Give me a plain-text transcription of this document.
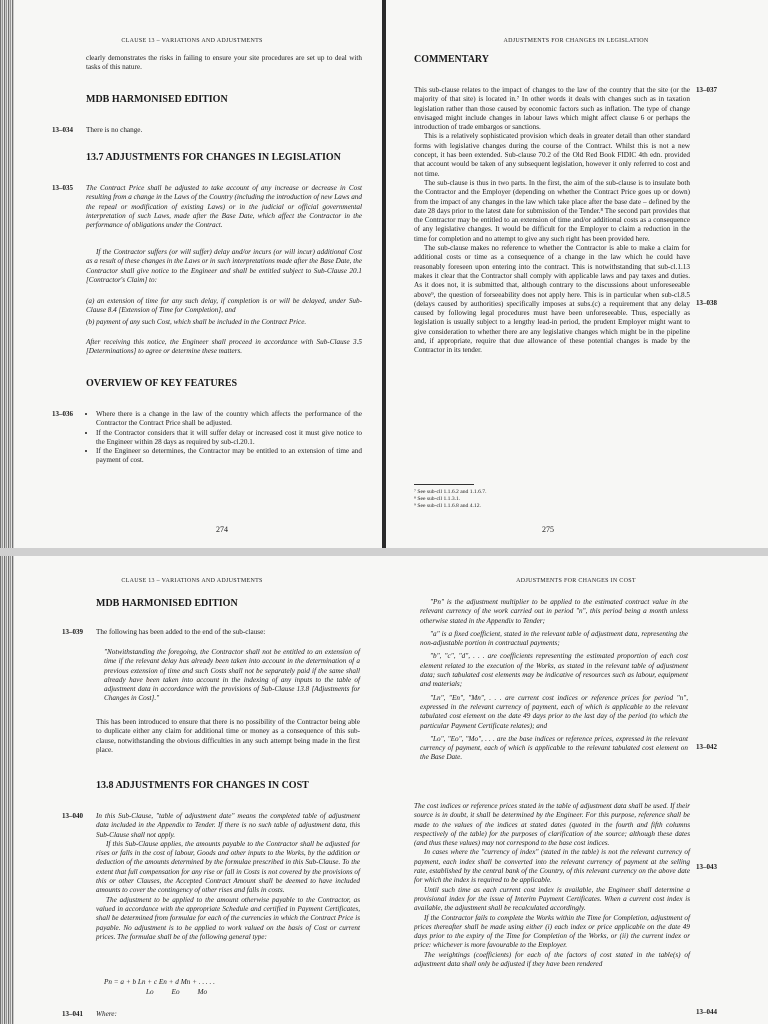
CLAUSE 13 – VARIATIONS AND ADJUSTMENTS
clearly demonstrates the risks in failing to ensure your site procedures are set up to deal with tasks of this nature.
MDB HARMONISED EDITION
13–034 There is no change.
13.7 ADJUSTMENTS FOR CHANGES IN LEGISLATION
13–035 The Contract Price shall be adjusted to take account of any increase or decrease in Cost resulting from a change in the Laws of the Country (including the introduction of new Laws and the repeal or modification of existing Laws) or in the judicial or official governmental interpretation of such Laws, made after the Base Date, which affect the Contractor in the performance of obligations under the Contract.
If the Contractor suffers (or will suffer) delay and/or incurs (or will incur) additional Cost as a result of these changes in the Laws or in such interpretations made after the Base Date, the Contractor shall give notice to the Engineer and shall be entitled subject to Sub-Clause 20.1 [Contractor's Claim] to:
(a) an extension of time for any such delay, if completion is or will be delayed, under Sub-Clause 8.4 [Extension of Time for Completion], and
(b) payment of any such Cost, which shall be included in the Contract Price.
After receiving this notice, the Engineer shall proceed in accordance with Sub-Clause 3.5 [Determinations] to agree or determine these matters.
OVERVIEW OF KEY FEATURES
13–036
•	Where there is a change in the law of the country which affects the performance of the Contractor the Contract Price shall be adjusted.
• If the Contractor considers that it will suffer delay or increased cost it must give notice to the Engineer within 28 days as required by sub-cl.20.1.
• If the Engineer so determines, the Contractor may be entitled to an extension of time and payment of cost.
274
ADJUSTMENTS FOR CHANGES IN LEGISLATION
COMMENTARY
This sub-clause relates to the impact of changes to the law of the country that the site (or the majority of that site) is located in.⁷ In other words it deals with changes such as in taxation legislation rather than those caused by economic factors such as inflation. The type of change envisaged might include changes in labour laws which might affect clause 6 or perhaps the introduction of trade embargos or sanctions.
This is a relatively sophisticated provision which deals in greater detail than other standard forms with legislative changes during the course of the Contract. Whilst this is not a new concept, it has been extended. Sub-clause 70.2 of the Old Red Book FIDIC 4th edn. provided that account would be taken of any subsequent legislation, however it only referred to cost and not time.
The sub-clause is thus in two parts. In the first, the aim of the sub-clause is to insulate both the Contractor and the Employer (depending on whether the Contract Price goes up or down) from the impact of any changes in the law which take place after the base date – defined by the date 28 days prior to the latest date for submission of the Tender.⁸ The second part provides that the Contractor may be entitled to an extension of time and/or additional costs as a consequence of any legislative changes. It would be difficult for the Employer to claim a reduction in the time for completion and no attempt to give any such right has been provided here.
The sub-clause makes no reference to whether the Contractor is able to make a claim for additional costs or time as a consequence of a change in the law which he could have reasonably foreseen upon entering into the contract. This is notwithstanding that sub-cl.1.13 makes it clear that the Contractor shall comply with applicable laws and pay taxes and duties. As it does not, it is submitted that, although contrary to the discussions about unforeseeable above⁹, the question of forseeability does not apply here. This is in particular when sub-cl.8.5 (delays caused by authorities) specifically imposes at subs.(c) a requirement that any delay caused by following legal procedures must have been unforeseeable. Thus, especially as legislation is usually subject to a lengthy lead-in period, the prudent Employer might want to give consideration to whether there are any legislative changes which might be in the pipeline and, if appropriate, require that due allowance of these potential changes is made by the Contractor in its tender.
13–037
13–038
⁷ See sub-cll 1.1.6.2 and 1.1.6.7.
⁸ See sub-cll 1.1.3.1.
⁹ See sub-cll 1.1.6.8 and 4.12.
275
CLAUSE 13 – VARIATIONS AND ADJUSTMENTS
MDB HARMONISED EDITION
13–039 The following has been added to the end of the sub-clause:
"Notwithstanding the foregoing, the Contractor shall not be entitled to an extension of time if the relevant delay has already been taken into account in the determination of a previous extension of time and such Costs shall not be separately paid if the same shall already have been taken into account in the indexing of any inputs to the table of adjustment data in accordance with the provisions of Sub-Clause 13.8 [Adjustments for Changes in Cost]."
This has been introduced to ensure that there is no possibility of the Contractor being able to duplicate either any claim for additional time or money as a consequence of this sub-clause, notwithstanding the obvious difficulties in any such attempt being made in the first place.
13.8 ADJUSTMENTS FOR CHANGES IN COST
13–040 In this Sub-Clause, "table of adjustment date" means the completed table of adjustment data included in the Appendix to Tender. If there is no such table of adjustment data, this Sub-Clause shall not apply.
If this Sub-Clause applies, the amounts payable to the Contractor shall be adjusted for rises or falls in the cost of labour, Goods and other inputs to the Works, by the addition or deduction of the amounts determined by the formulae prescribed in this Sub-Clause. To the extent that full compensation for any rise or fall in Costs is not covered by the provisions of this or other Clauses, the Accepted Contract Amount shall be deemed to have included amounts to cover the contingency of other rises and falls in costs.
The adjustment to be applied to the amount otherwise payable to the Contractor, as valued in accordance with the appropriate Schedule and certified in Payment Certificates, shall be determined from formulae for each of the currencies in which the Contract Price is payable. No adjustment is to be applied to work valued on the basis of Cost or current prices. The formulae shall be of the following general type:
Pn = a + b Ln + c En + d Mn + . . . . .
Lo          Eo          Mo
13–041 Where:
ADJUSTMENTS FOR CHANGES IN COST
"Pn" is the adjustment multiplier to be applied to the estimated contract value in the relevant currency of the work carried out in period "n", this period being a month unless otherwise stated in the Appendix to Tender;
"a" is a fixed coefficient, stated in the relevant table of adjustment data, representing the non-adjustable portion in contractual payments;
"b", "c", "d", . . . are coefficients representing the estimated proportion of each cost element related to the execution of the Works, as stated in the relevant table of adjustment data; such tabulated cost elements may be indicative of resources such as labour, equipment and materials;
"Ln", "En", "Mn", . . . are current cost indices or reference prices for period "n", expressed in the relevant currency of payment, each of which is applicable to the relevant tabulated cost element on the date 49 days prior to the last day of the period (to which the particular Payment Certificate relates); and
"Lo", "Eo", "Mo", . . . are the base indices or reference prices, expressed in the relevant currency of payment, each of which is applicable to the relevant tabulated cost element on the Base Date.
13–042
The cost indices or reference prices stated in the table of adjustment data shall be used. If their source is in doubt, it shall be determined by the Engineer. For this purpose, reference shall be made to the values of the indices at stated dates (quoted in the fourth and fifth columns respectively of the table) for the purposes of clarification of the source; although these dates (and thus these values) may not correspond to the base cost indices.
In cases where the "currency of index" (stated in the table) is not the relevant currency of payment, each index shall be converted into the relevant currency of payment at the selling rate, established by the central bank of the Country, of this relevant currency on the above date for which the index is required to be applicable.
Until such time as each current cost index is available, the Engineer shall determine a provisional index for the issue of Interim Payment Certificates. When a current cost index is available, the adjustment shall be recalculated accordingly.
If the Contractor fails to complete the Works within the Time for Completion, adjustment of prices thereafter shall be made using either (i) each index or price applicable on the date 49 days prior to the expiry of the Time for Completion of the Works, or (ii) the current index or price: whichever is more favourable to the Employer.
The weightings (coefficients) for each of the factors of cost stated in the table(s) of adjustment data shall only be adjusted if they have been rendered
13–043
13–044
